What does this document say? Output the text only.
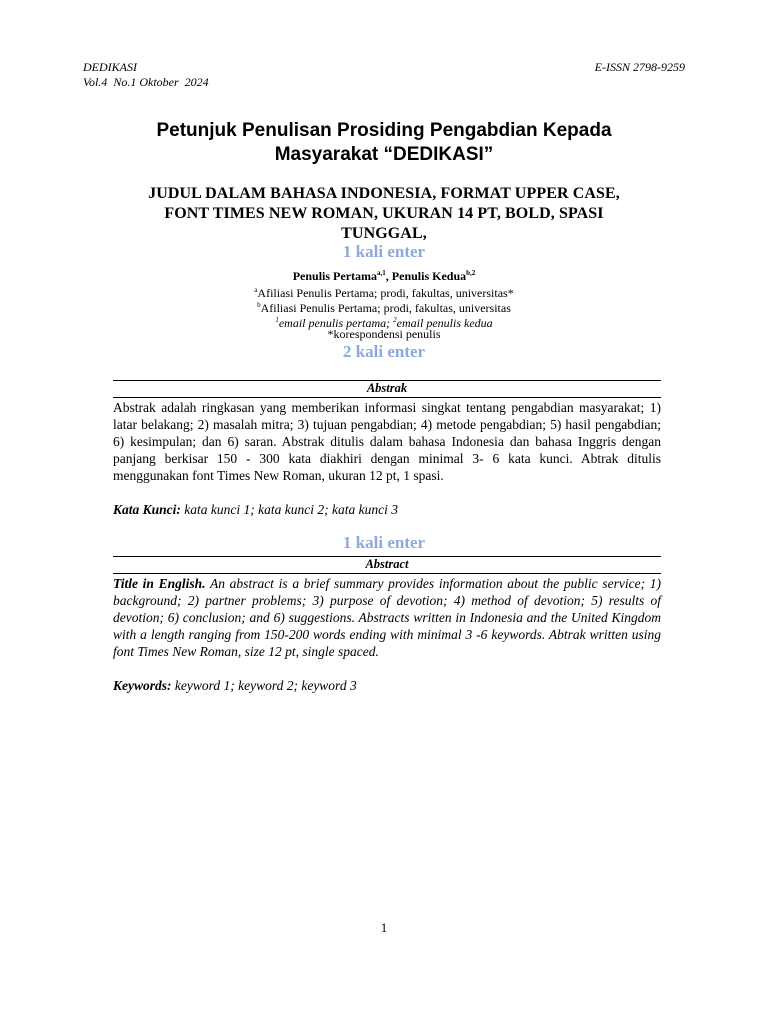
DEDIKASI
Vol.4  No.1 Oktober  2024
E-ISSN 2798-9259
Petunjuk Penulisan Prosiding Pengabdian Kepada
Masyarakat “DEDIKASI”
JUDUL DALAM BAHASA INDONESIA, FORMAT UPPER CASE,
FONT TIMES NEW ROMAN, UKURAN 14 PT, BOLD, SPASI
TUNGGAL,
1 kali enter
Penulis Pertama$^{a,1}$, Penulis Kedua$^{b,2}$
$^a$Afiliasi Penulis Pertama; prodi, fakultas, universitas*
$^b$Afiliasi Penulis Pertama; prodi, fakultas, universitas
$^1$email penulis pertama; $^2$email penulis kedua
*korespondensi penulis
2 kali enter
Abstrak
Abstrak adalah ringkasan yang memberikan informasi singkat tentang pengabdian masyarakat; 1) latar belakang; 2) masalah mitra; 3) tujuan pengabdian; 4) metode pengabdian; 5) hasil pengabdian; 6) kesimpulan; dan 6) saran. Abstrak ditulis dalam bahasa Indonesia dan bahasa Inggris dengan panjang berkisar 150 - 300 kata diakhiri dengan minimal 3- 6 kata kunci. Abtrak ditulis menggunakan font Times New Roman, ukuran 12 pt, 1 spasi.
Kata Kunci: kata kunci 1; kata kunci 2; kata kunci 3
1 kali enter
Abstract
Title in English. An abstract is a brief summary provides information about the public service; 1) background; 2) partner problems; 3) purpose of devotion; 4) method of devotion; 5) results of devotion; 6) conclusion; and 6) suggestions. Abstracts written in Indonesia and the United Kingdom with a length ranging from 150-200 words ending with minimal 3 -6 keywords. Abtrak written using font Times New Roman, size 12 pt, single spaced.
Keywords: keyword 1; keyword 2; keyword 3
1
